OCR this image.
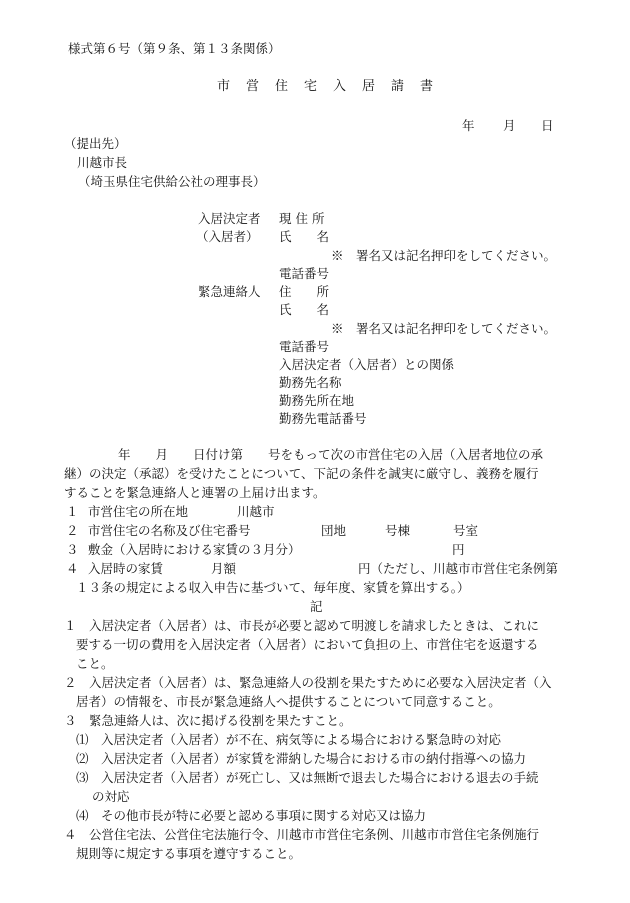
様式第６号（第９条、第１３条関係）
市営住宅入居請書
年 月 日
（提出先）
川越市長
（埼玉県住宅供給公社の理事長）
入居決定者 現 住 所
（入居者） 氏　　名
※　署名又は記名押印をしてください。
電話番号
緊急連絡人 住　　所
氏　　名
※　署名又は記名押印をしてください。
電話番号
入居決定者（入居者）との関係
勤務先名称
勤務先所在地
勤務先電話番号
年　　月　　日付け第　　号をもって次の市営住宅の入居（入居者地位の承
継）の決定（承認）を受けたことについて、下記の条件を誠実に厳守し、義務を履行
することを緊急連絡人と連署の上届け出ます。
１ 市営住宅の所在地	川越市
２ 市営住宅の名称及び住宅番号	団地	号棟	号室
３ 敷金（入居時における家賃の３月分）	円
４ 入居時の家賃	月額	円（ただし、川越市市営住宅条例第
１３条の規定による収入申告に基づいて、毎年度、家賃を算出する。）
記
１　入居決定者（入居者）は、市長が必要と認めて明渡しを請求したときは、これに
要する一切の費用を入居決定者（入居者）において負担の上、市営住宅を返還する
こと。
２　入居決定者（入居者）は、緊急連絡人の役割を果たすために必要な入居決定者（入
居者）の情報を、市長が緊急連絡人へ提供することについて同意すること。
３　緊急連絡人は、次に掲げる役割を果たすこと。
⑴　入居決定者（入居者）が不在、病気等による場合における緊急時の対応
⑵　入居決定者（入居者）が家賃を滞納した場合における市の納付指導への協力
⑶　入居決定者（入居者）が死亡し、又は無断で退去した場合における退去の手続
の対応
⑷　その他市長が特に必要と認める事項に関する対応又は協力
４　公営住宅法、公営住宅法施行令、川越市市営住宅条例、川越市市営住宅条例施行
規則等に規定する事項を遵守すること。
